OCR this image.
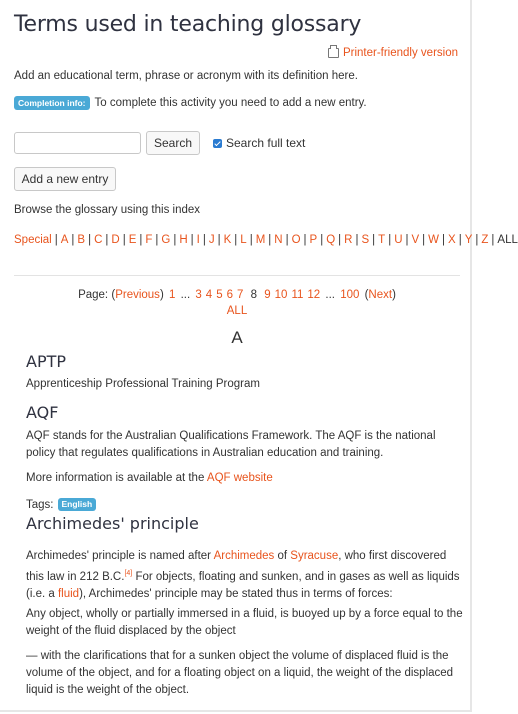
Terms used in teaching glossary
Printer-friendly version
Add an educational term, phrase or acronym with its definition here.
Completion info: To complete this activity you need to add a new entry.
Search	Search full text
Add a new entry
Browse the glossary using this index
Special | A | B | C | D | E | F | G | H | I | J | K | L | M | N | O | P | Q | R | S | T | U | V | W | X | Y | Z | ALL
Page: (Previous) 1 ... 3 4 5 6 7 8 9 10 11 12 ... 100 (Next)
ALL
A
APTP
Apprenticeship Professional Training Program
AQF
AQF stands for the Australian Qualifications Framework. The AQF is the national policy that regulates qualifications in Australian education and training.
More information is available at the AQF website
Tags: English
Archimedes' principle
Archimedes' principle is named after Archimedes of Syracuse, who first discovered this law in 212 B.C.[4] For objects, floating and sunken, and in gases as well as liquids (i.e. a fluid), Archimedes' principle may be stated thus in terms of forces:
Any object, wholly or partially immersed in a fluid, is buoyed up by a force equal to the weight of the fluid displaced by the object
— with the clarifications that for a sunken object the volume of displaced fluid is the volume of the object, and for a floating object on a liquid, the weight of the displaced liquid is the weight of the object.
